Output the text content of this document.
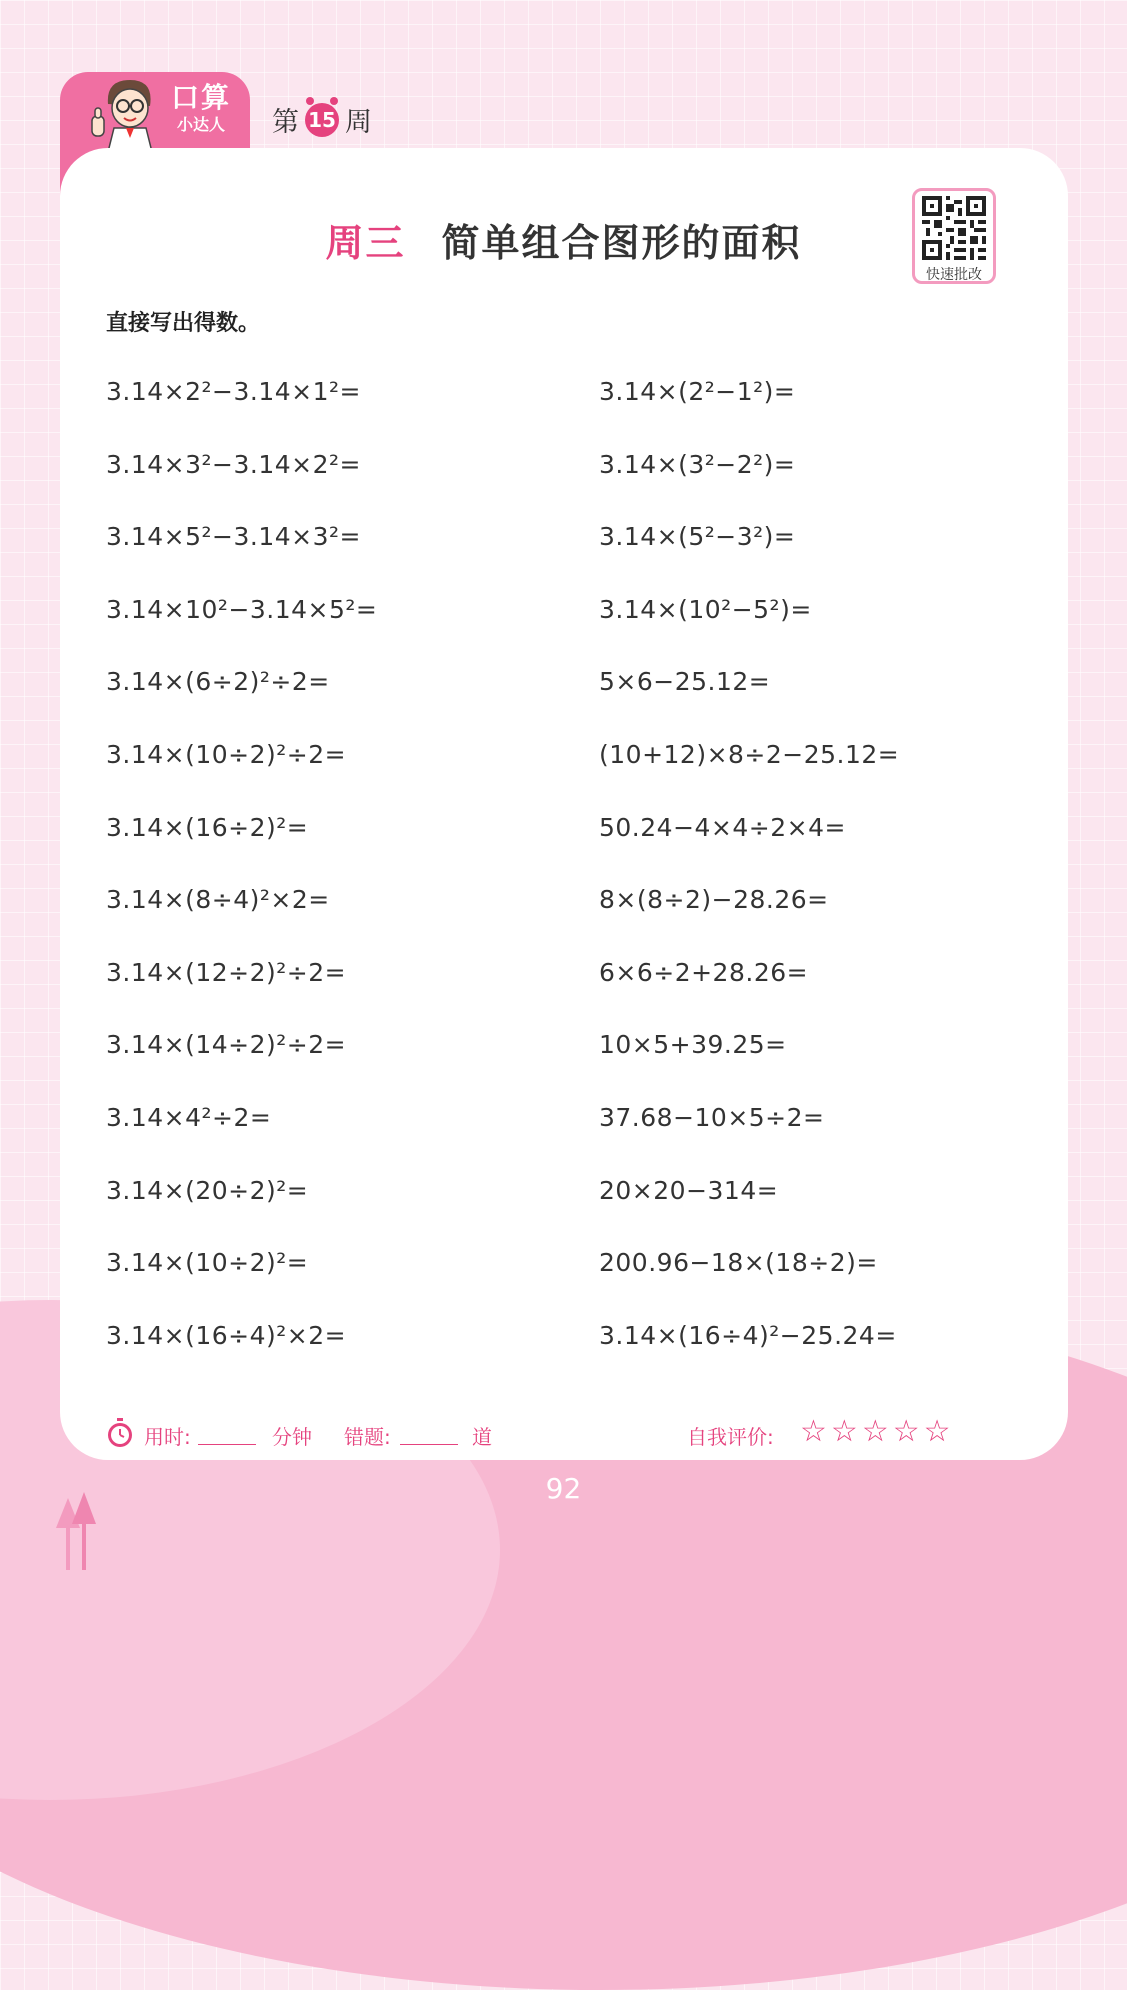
口算
小达人	第 15 周
周三 简单组合图形的面积
快速批改
直接写出得数。
3.14×2²−3.14×1²=	3.14×(2²−1²)=
3.14×3²−3.14×2²=	3.14×(3²−2²)=
3.14×5²−3.14×3²=	3.14×(5²−3²)=
3.14×10²−3.14×5²=	3.14×(10²−5²)=
3.14×(6÷2)²÷2=	5×6−25.12=
3.14×(10÷2)²÷2=	(10+12)×8÷2−25.12=
3.14×(16÷2)²=	50.24−4×4÷2×4=
3.14×(8÷4)²×2=	8×(8÷2)−28.26=
3.14×(12÷2)²÷2=	6×6÷2+28.26=
3.14×(14÷2)²÷2=	10×5+39.25=
3.14×4²÷2=	37.68−10×5÷2=
3.14×(20÷2)²=	20×20−314=
3.14×(10÷2)²=	200.96−18×(18÷2)=
3.14×(16÷4)²×2=	3.14×(16÷4)²−25.24=
用时:	分钟 错题:	道	自我评价: ☆ ☆ ☆ ☆ ☆
92
